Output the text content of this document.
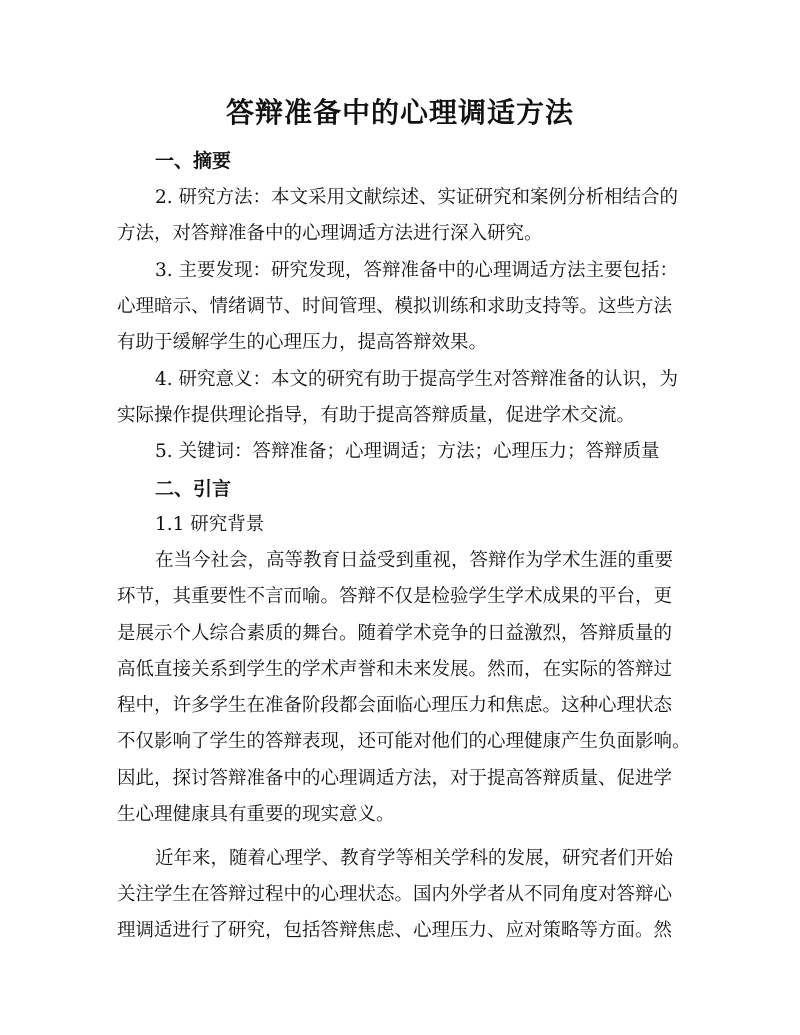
答辩准备中的心理调适方法
一、摘要
2. 研究方法：本文采用文献综述、实证研究和案例分析相结合的
方法，对答辩准备中的心理调适方法进行深入研究。
3. 主要发现：研究发现，答辩准备中的心理调适方法主要包括：
心理暗示、情绪调节、时间管理、模拟训练和求助支持等。这些方法
有助于缓解学生的心理压力，提高答辩效果。
4. 研究意义：本文的研究有助于提高学生对答辩准备的认识，为
实际操作提供理论指导，有助于提高答辩质量，促进学术交流。
5. 关键词：答辩准备；心理调适；方法；心理压力；答辩质量
二、引言
1.1 研究背景
在当今社会，高等教育日益受到重视，答辩作为学术生涯的重要
环节，其重要性不言而喻。答辩不仅是检验学生学术成果的平台，更
是展示个人综合素质的舞台。随着学术竞争的日益激烈，答辩质量的
高低直接关系到学生的学术声誉和未来发展。然而，在实际的答辩过
程中，许多学生在准备阶段都会面临心理压力和焦虑。这种心理状态
不仅影响了学生的答辩表现，还可能对他们的心理健康产生负面影响。
因此，探讨答辩准备中的心理调适方法，对于提高答辩质量、促进学
生心理健康具有重要的现实意义。
近年来，随着心理学、教育学等相关学科的发展，研究者们开始
关注学生在答辩过程中的心理状态。国内外学者从不同角度对答辩心
理调适进行了研究，包括答辩焦虑、心理压力、应对策略等方面。然
